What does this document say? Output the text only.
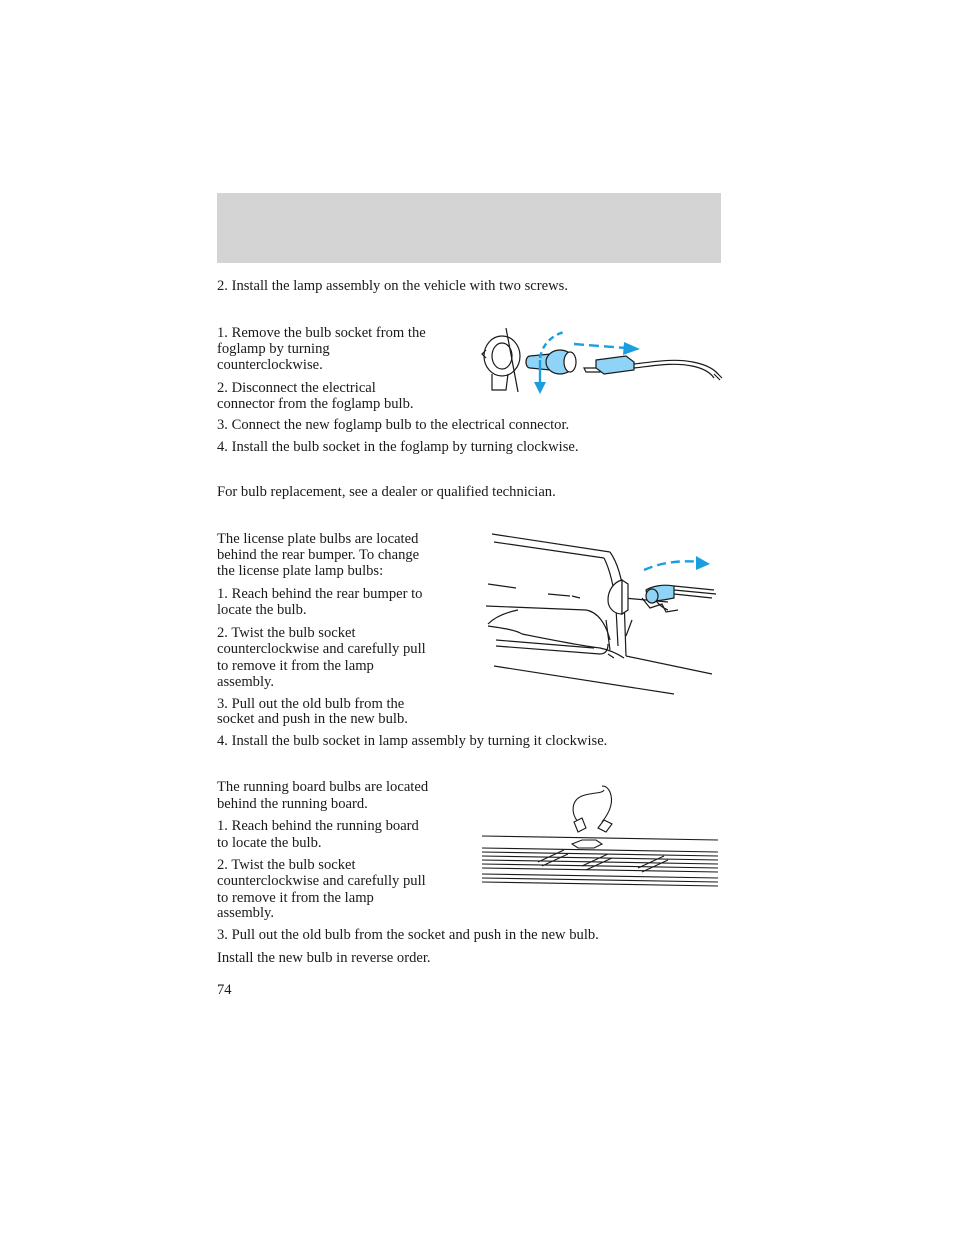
2. Install the lamp assembly on the vehicle with two screws.

1. Remove the bulb socket from the

foglamp by turning

counterclockwise.

2. Disconnect the electrical

connector from the foglamp bulb.

3. Connect the new foglamp bulb to the electrical connector.

4. Install the bulb socket in the foglamp by turning clockwise.

For bulb replacement, see a dealer or qualified technician.

The license plate bulbs are located

behind the rear bumper. To change

the license plate lamp bulbs:

1. Reach behind the rear bumper to

locate the bulb.

2. Twist the bulb socket

counterclockwise and carefully pull

to remove it from the lamp

assembly.

3. Pull out the old bulb from the

socket and push in the new bulb.

4. Install the bulb socket in lamp assembly by turning it clockwise.

The running board bulbs are located

behind the running board.

1. Reach behind the running board

to locate the bulb.

2. Twist the bulb socket

counterclockwise and carefully pull

to remove it from the lamp

assembly.

3. Pull out the old bulb from the socket and push in the new bulb.

Install the new bulb in reverse order.

74
